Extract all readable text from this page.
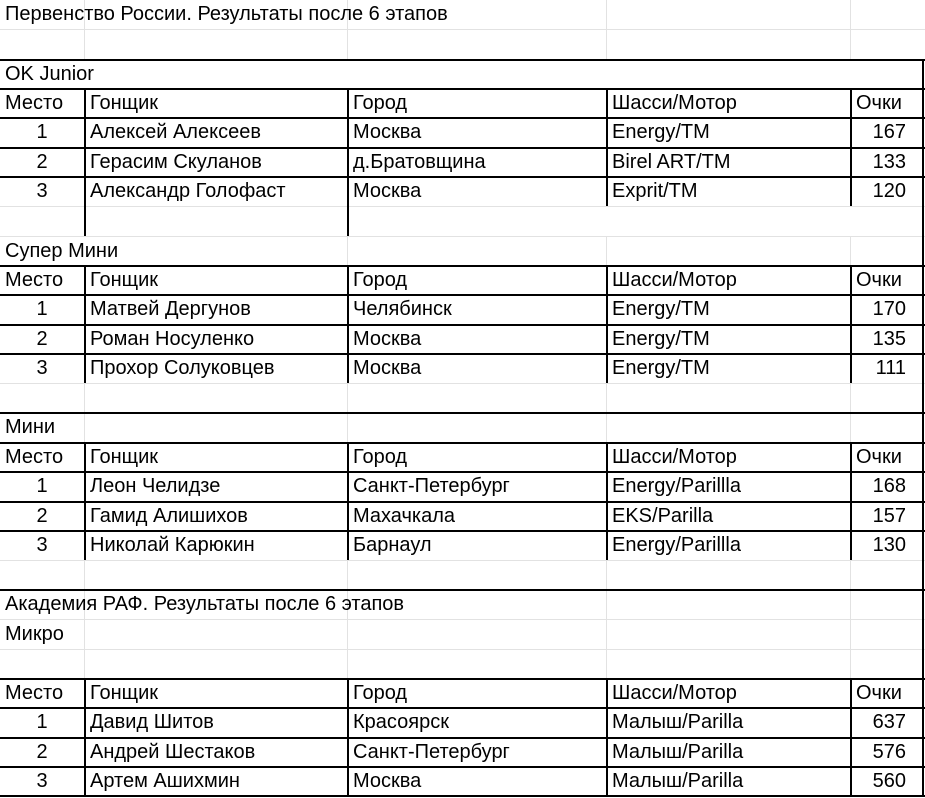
Первенство России. Результаты после 6 этапов
OK Junior
Место Гонщик	Город	Шасси/Мотор	Очки
1	Алексей Алексеев	Москва	Energy/TM	167
2	Герасим Скуланов	д.Братовщина	Birel ART/TM	133
3	Александр Голофаст	Москва	Exprit/TM	120
Супер Мини
Место Гонщик	Город	Шасси/Мотор	Очки
1	Матвей Дергунов	Челябинск	Energy/TM	170
2	Роман Носуленко	Москва	Energy/TM	135
3	Прохор Солуковцев	Москва	Energy/TM	111
Мини
Место Гонщик	Город	Шасси/Мотор	Очки
1	Леон Челидзе	Санкт-Петербург	Energy/Parillla	168
2	Гамид Алишихов	Махачкала	EKS/Parilla	157
3	Николай Карюкин	Барнаул	Energy/Parillla	130
Академия РАФ. Результаты после 6 этапов
Микро
Место Гонщик	Город	Шасси/Мотор	Очки
1	Давид Шитов	Красоярск	Малыш/Parilla	637
2	Андрей Шестаков	Санкт-Петербург	Малыш/Parilla	576
3	Артем Ашихмин	Москва	Малыш/Parilla	560
